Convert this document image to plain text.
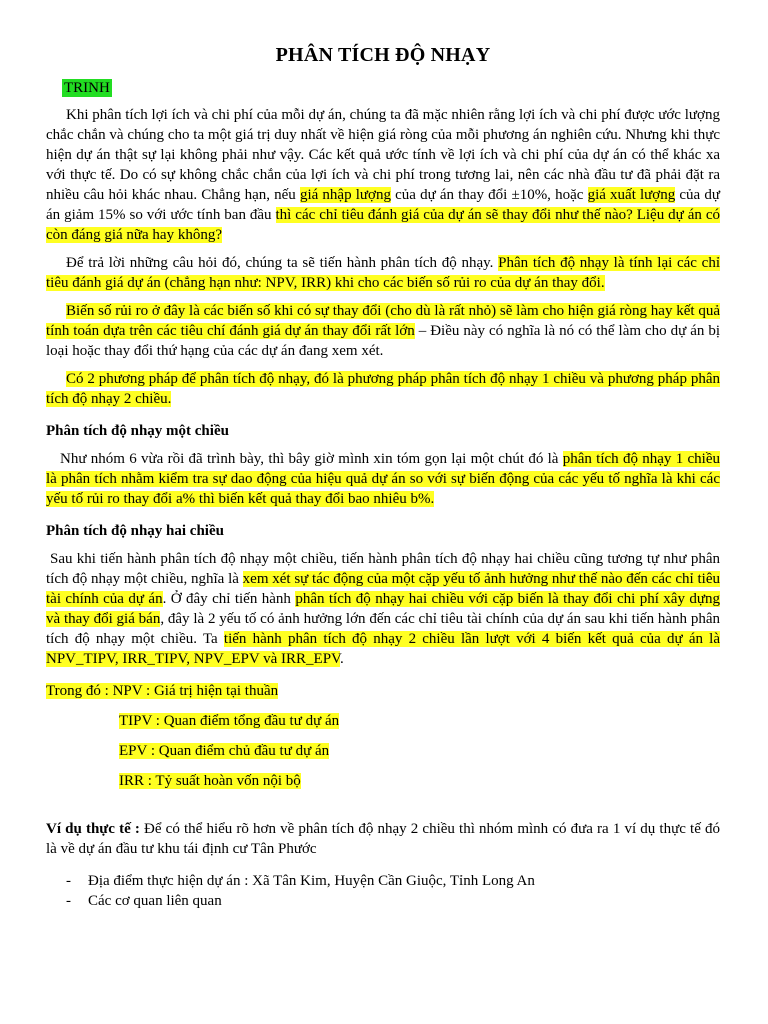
PHÂN TÍCH ĐỘ NHẠY
TRINH

Khi phân tích lợi ích và chi phí của mỗi dự án, chúng ta đã mặc nhiên rằng lợi ích và chi phí được ước lượng chắc chắn và chúng cho ta một giá trị duy nhất về hiện giá ròng của mỗi phương án nghiên cứu. Nhưng khi thực hiện dự án thật sự lại không phải như vậy. Các kết quả ước tính về lợi ích và chi phí của dự án có thể khác xa với thực tế. Do có sự không chắc chắn của lợi ích và chi phí trong tương lai, nên các nhà đầu tư đã phải đặt ra nhiều câu hỏi khác nhau. Chẳng hạn, nếu giá nhập lượng của dự án thay đổi ±10%, hoặc giá xuất lượng của dự án giảm 15% so với ước tính ban đầu thì các chỉ tiêu đánh giá của dự án sẽ thay đổi như thế nào? Liệu dự án có còn đáng giá nữa hay không?

Để trả lời những câu hỏi đó, chúng ta sẽ tiến hành phân tích độ nhạy. Phân tích độ nhạy là tính lại các chỉ tiêu đánh giá dự án (chẳng hạn như: NPV, IRR) khi cho các biến số rủi ro của dự án thay đổi.

Biến số rủi ro ở đây là các biến số khi có sự thay đổi (cho dù là rất nhỏ) sẽ làm cho hiện giá ròng hay kết quả tính toán dựa trên các tiêu chí đánh giá dự án thay đổi rất lớn – Điều này có nghĩa là nó có thể làm cho dự án bị loại hoặc thay đổi thứ hạng của các dự án đang xem xét.

Có 2 phương pháp để phân tích độ nhạy, đó là phương pháp phân tích độ nhạy 1 chiều và phương pháp phân tích độ nhạy 2 chiều.

Phân tích độ nhạy một chiều

Như nhóm 6 vừa rồi đã trình bày, thì bây giờ mình xin tóm gọn lại một chút đó là phân tích độ nhạy 1 chiều là phân tích nhằm kiểm tra sự dao động của hiệu quả dự án so với sự biến động của các yếu tố nghĩa là khi các yếu tố rủi ro thay đổi a% thì biến kết quả thay đổi bao nhiêu b%.

Phân tích độ nhạy hai chiều

Sau khi tiến hành phân tích độ nhạy một chiều, tiến hành phân tích độ nhạy hai chiều cũng tương tự như phân tích độ nhạy một chiều, nghĩa là xem xét sự tác động của một cặp yếu tố ảnh hưởng như thế nào đến các chỉ tiêu tài chính của dự án. Ở đây chỉ tiến hành phân tích độ nhạy hai chiều với cặp biến là thay đổi chi phí xây dựng và thay đổi giá bán, đây là 2 yếu tố có ảnh hưởng lớn đến các chỉ tiêu tài chính của dự án sau khi tiến hành phân tích độ nhạy một chiều. Ta tiến hành phân tích độ nhạy 2 chiều lần lượt với 4 biến kết quả của dự án là NPV_TIPV, IRR_TIPV, NPV_EPV và IRR_EPV.

Trong đó : NPV : Giá trị hiện tại thuần

TIPV : Quan điểm tổng đầu tư dự án

EPV : Quan điểm chủ đầu tư dự án

IRR : Tỷ suất hoàn vốn nội bộ

Ví dụ thực tế : Để có thể hiểu rõ hơn về phân tích độ nhạy 2 chiều thì nhóm mình có đưa ra 1 ví dụ thực tế đó là về dự án đầu tư khu tái định cư Tân Phước

- Địa điểm thực hiện dự án : Xã Tân Kim, Huyện Cần Giuộc, Tỉnh Long An
- Các cơ quan liên quan
